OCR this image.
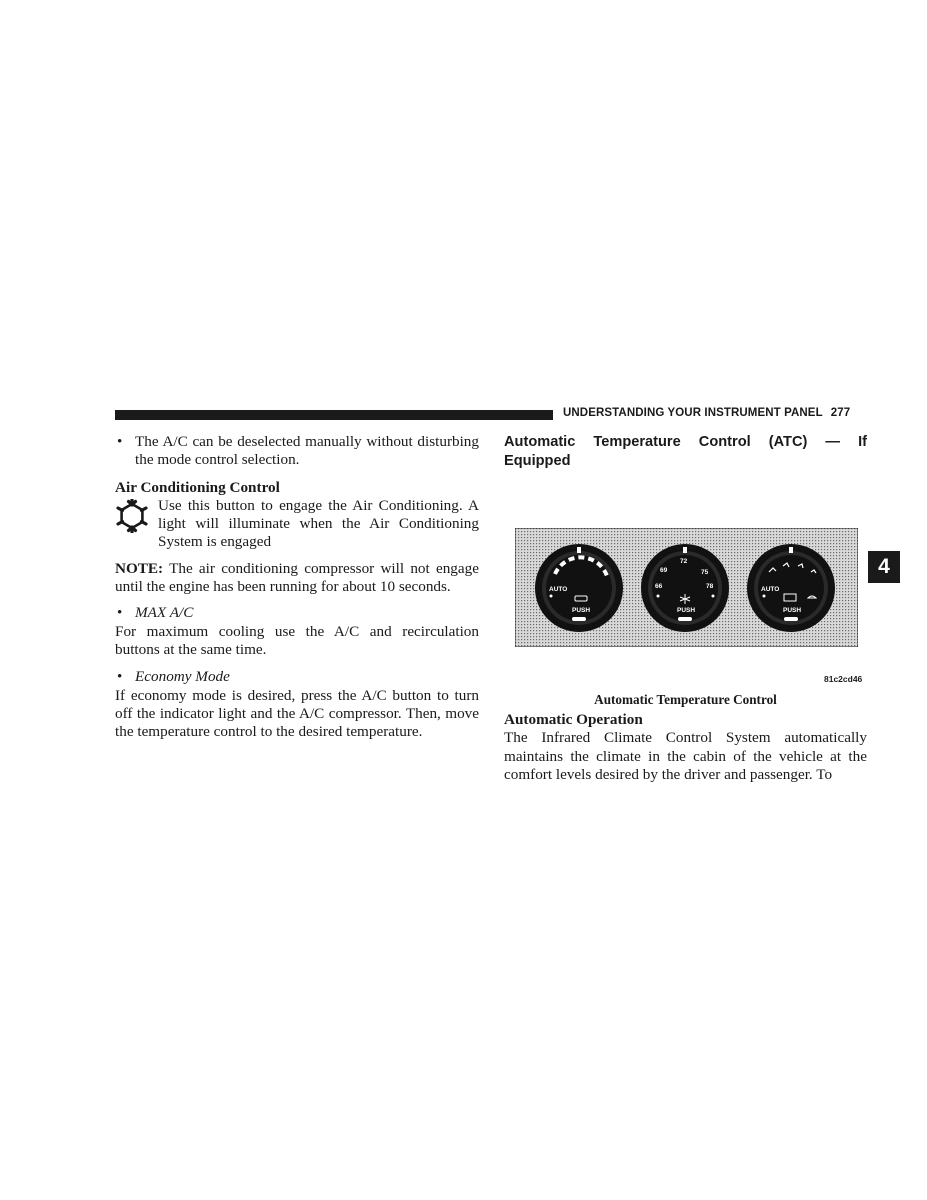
UNDERSTANDING YOUR INSTRUMENT PANEL 277
4
• The A/C can be deselected manually without disturbing the mode control selection.
Air Conditioning Control

Use this button to engage the Air Conditioning. A light will illuminate when the Air Conditioning System is engaged

NOTE: The air conditioning compressor will not engage until the engine has been running for about 10 seconds.

• MAX A/C

For maximum cooling use the A/C and recirculation buttons at the same time.

• Economy Mode

If economy mode is desired, press the A/C button to turn off the indicator light and the A/C compressor. Then, move the temperature control to the desired temperature.

Automatic Temperature Control (ATC) — If Equipped

AUTO
PUSH
72
69	75
66	78
PUSH
AUTO
PUSH
81c2cd46
Automatic Temperature Control
Automatic Operation

The Infrared Climate Control System automatically maintains the climate in the cabin of the vehicle at the comfort levels desired by the driver and passenger. To
